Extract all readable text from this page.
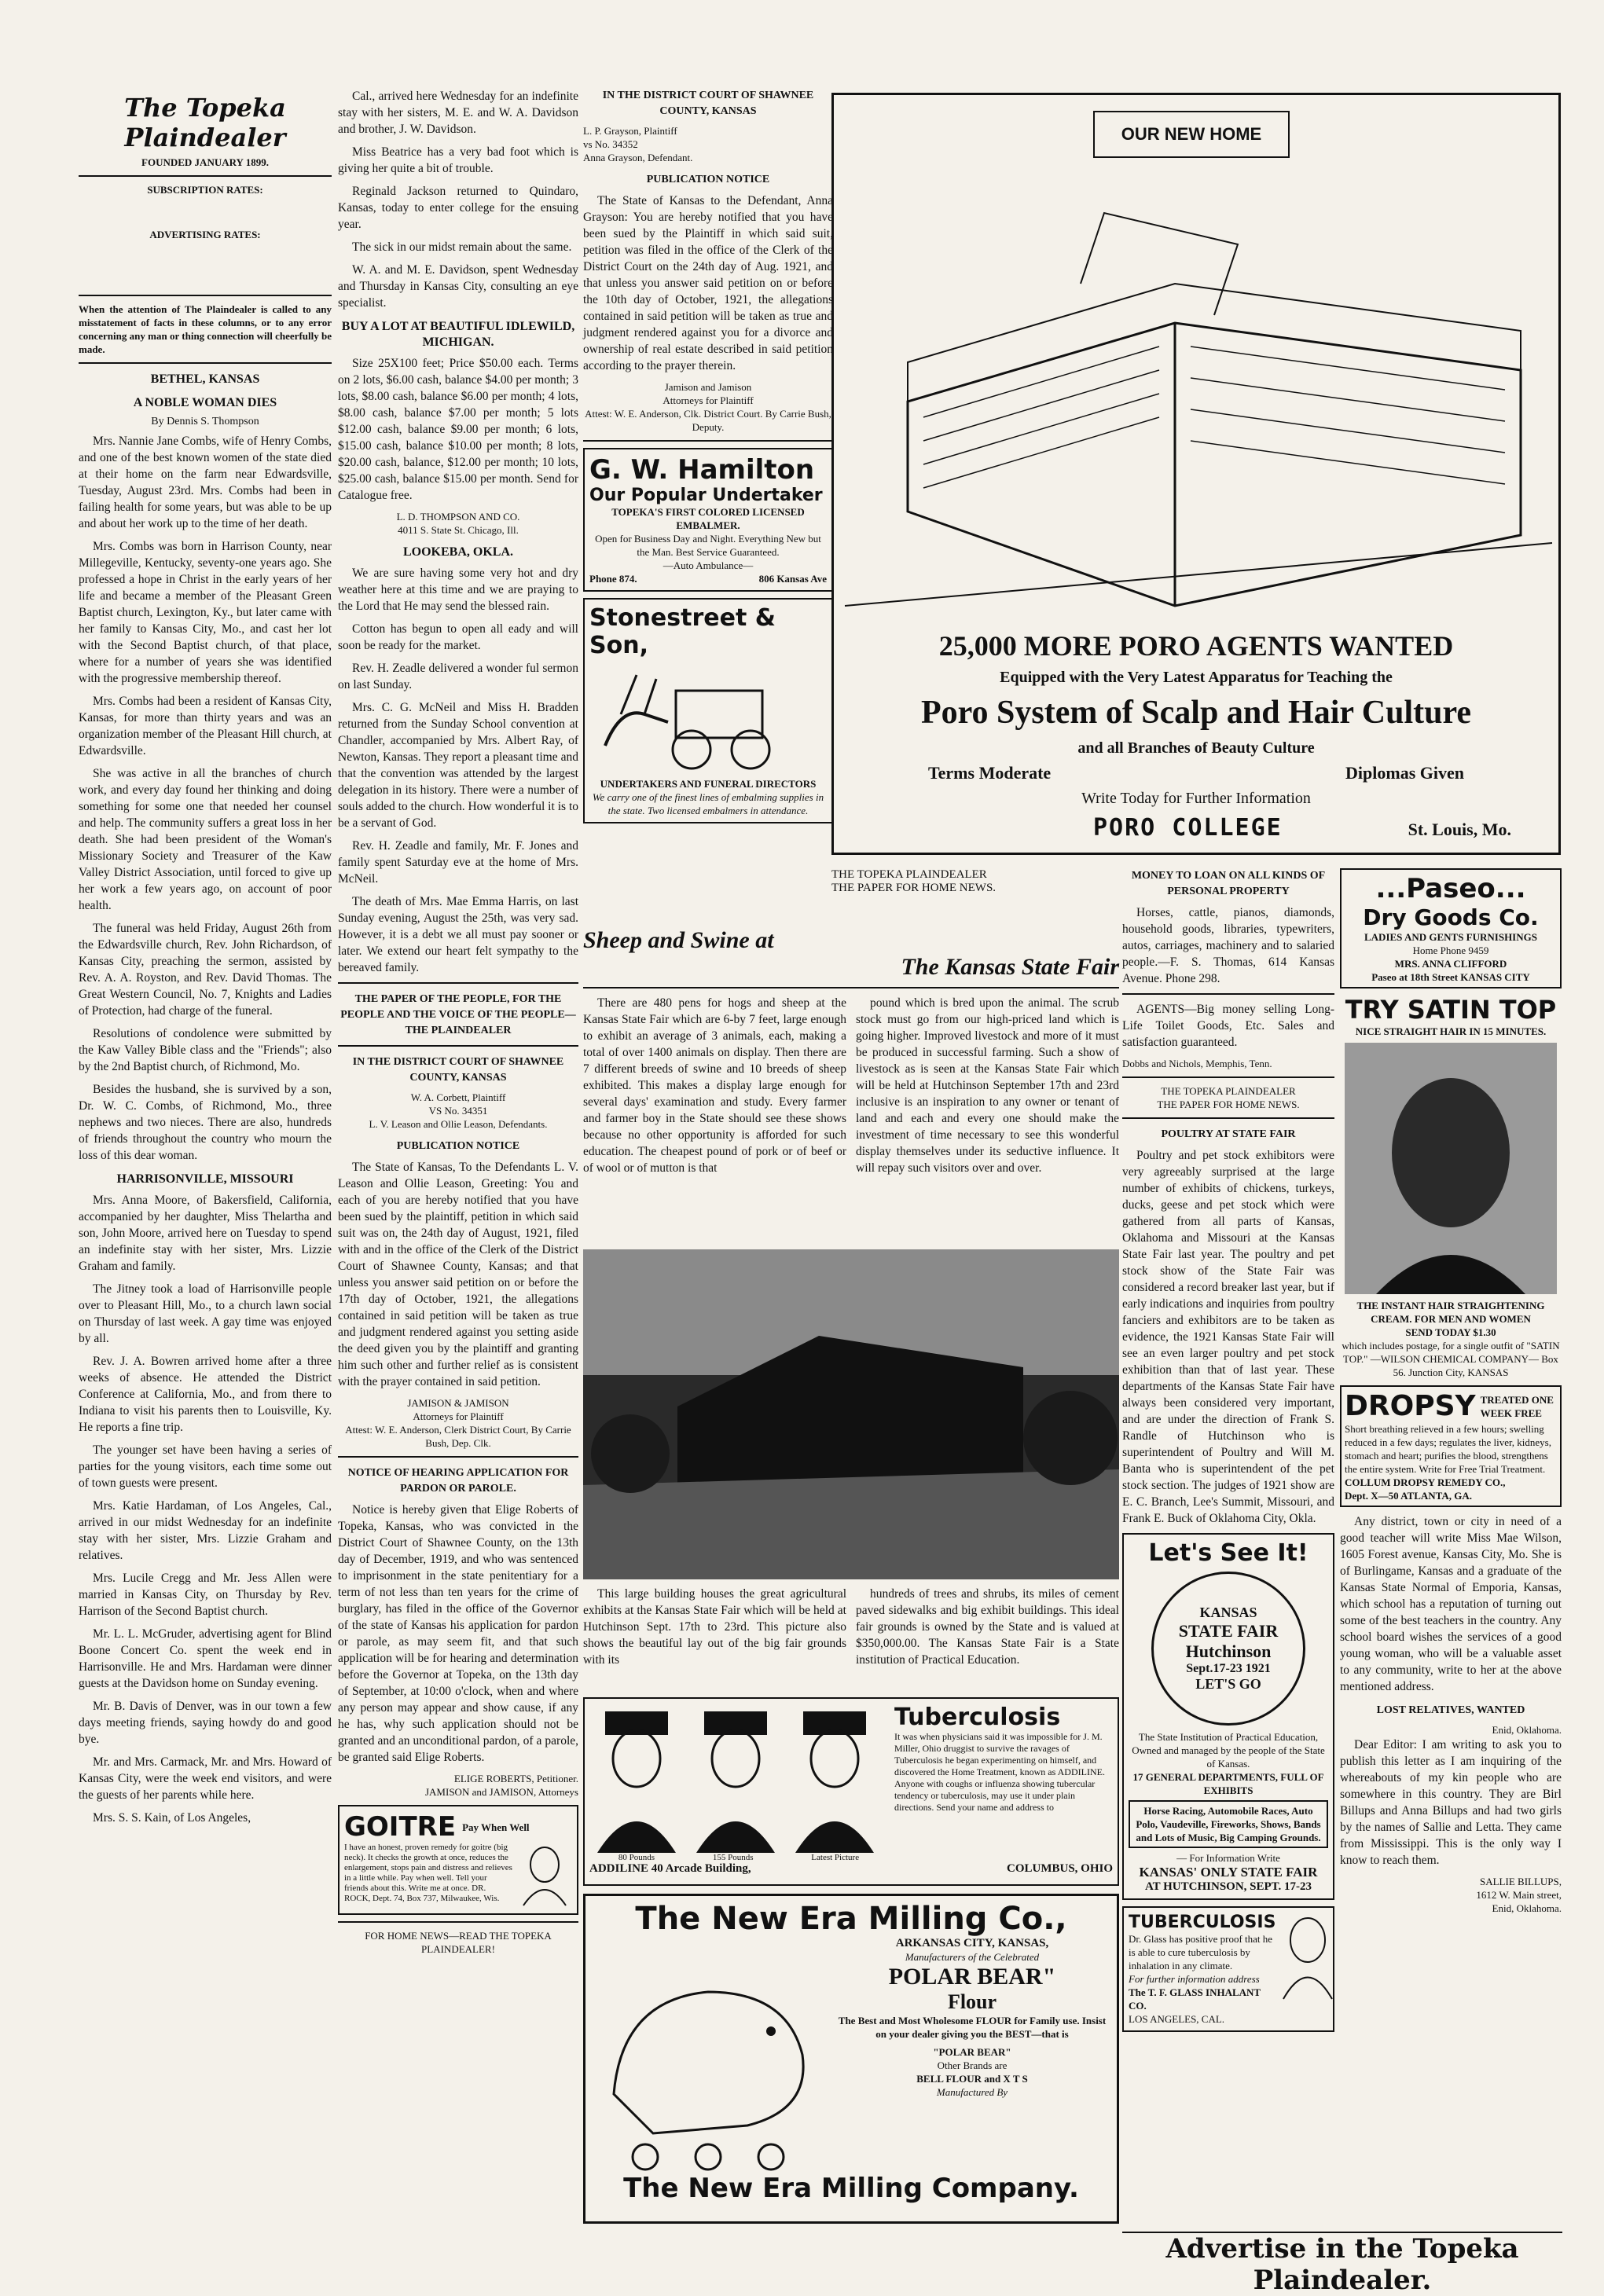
The Topeka Plaindealer
FOUNDED JANUARY 1899.
SUBSCRIPTION RATES:
ADVERTISING RATES:
When the attention of The Plaindealer is called to any misstatement of facts in these columns, or to any error concerning any man or thing connection will cheerfully be made.
BETHEL, KANSAS
A NOBLE WOMAN DIES
By Dennis S. Thompson

Mrs. Nannie Jane Combs, wife of Henry Combs, and one of the best known women of the state died at their home on the farm near Edwardsville, Tuesday, August 23rd. Mrs. Combs had been in failing health for some years, but was able to be up and about her work up to the time of her death.

Mrs. Combs was born in Harrison County, near Millegeville, Kentucky, seventy-one years ago. She professed a hope in Christ in the early years of her life and became a member of the Pleasant Green Baptist church, Lexington, Ky., but later came with her family to Kansas City, Mo., and cast her lot with the Second Baptist church, of that place, where for a number of years she was identified with the progressive membership thereof.

Mrs. Combs had been a resident of Kansas City, Kansas, for more than thirty years and was an organization member of the Pleasant Hill church, at Edwardsville.

She was active in all the branches of church work, and every day found her thinking and doing something for some one that needed her counsel and help. The community suffers a great loss in her death. She had been president of the Woman's Missionary Society and Treasurer of the Kaw Valley District Association, until forced to give up her work a few years ago, on account of poor health.

The funeral was held Friday, August 26th from the Edwardsville church, Rev. John Richardson, of Kansas City, preaching the sermon, assisted by Rev. A. A. Royston, and Rev. David Thomas. The Great Western Council, No. 7, Knights and Ladies of Protection, had charge of the funeral.

Resolutions of condolence were submitted by the Kaw Valley Bible class and the "Friends"; also by the 2nd Baptist church, of Richmond, Mo.

Besides the husband, she is survived by a son, Dr. W. C. Combs, of Richmond, Mo., three nephews and two nieces. There are also, hundreds of friends throughout the country who mourn the loss of this dear woman.

HARRISONVILLE, MISSOURI

Mrs. Anna Moore, of Bakersfield, California, accompanied by her daughter, Miss Thelartha and son, John Moore, arrived here on Tuesday to spend an indefinite stay with her sister, Mrs. Lizzie Graham and family.

The Jitney took a load of Harrisonville people over to Pleasant Hill, Mo., to a church lawn social on Thursday of last week. A gay time was enjoyed by all.

Rev. J. A. Bowren arrived home after a three weeks of absence. He attended the District Conference at California, Mo., and from there to Indiana to visit his parents then to Louisville, Ky. He reports a fine trip.

The younger set have been having a series of parties for the young visitors, each time some out of town guests were present.

Mrs. Katie Hardaman, of Los Angeles, Cal., arrived in our midst Wednesday for an indefinite stay with her sister, Mrs. Lizzie Graham and relatives.

Mrs. Lucile Cregg and Mr. Jess Allen were married in Kansas City, on Thursday by Rev. Harrison of the Second Baptist church.

Mr. L. L. McGruder, advertising agent for Blind Boone Concert Co. spent the week end in Harrisonville. He and Mrs. Hardaman were dinner guests at the Davidson home on Sunday evening.

Mr. B. Davis of Denver, was in our town a few days meeting friends, saying howdy do and good bye.

Mr. and Mrs. Carmack, Mr. and Mrs. Howard of Kansas City, were the week end visitors, and were the guests of her parents while here.

Mrs. S. S. Kain, of Los Angeles,

Cal., arrived here Wednesday for an indefinite stay with her sisters, M. E. and W. A. Davidson and brother, J. W. Davidson.

Miss Beatrice has a very bad foot which is giving her quite a bit of trouble.

Reginald Jackson returned to Quindaro, Kansas, today to enter college for the ensuing year.

The sick in our midst remain about the same.

W. A. and M. E. Davidson, spent Wednesday and Thursday in Kansas City, consulting an eye specialist.

BUY A LOT AT BEAUTIFUL IDLEWILD, MICHIGAN.

Size 25X100 feet; Price $50.00 each. Terms on 2 lots, $6.00 cash, balance $4.00 per month; 3 lots, $8.00 cash, balance $6.00 per month; 4 lots, $8.00 cash, balance $7.00 per month; 5 lots $12.00 cash, balance $9.00 per month; 6 lots, $15.00 cash, balance $10.00 per month; 8 lots, $20.00 cash, balance, $12.00 per month; 10 lots, $25.00 cash, balance $15.00 per month. Send for Catalogue free.

L. D. THOMPSON AND CO.
4011 S. State St. Chicago, Ill.
LOOKEBA, OKLA.

We are sure having some very hot and dry weather here at this time and we are praying to the Lord that He may send the blessed rain.

Cotton has begun to open all eady and will soon be ready for the market.

Rev. H. Zeadle delivered a wonder ful sermon on last Sunday.

Mrs. C. G. McNeil and Miss H. Bradden returned from the Sunday School convention at Chandler, accompanied by Mrs. Albert Ray, of Newton, Kansas. They report a pleasant time and that the convention was attended by the largest delegation in its history. There were a number of souls added to the church. How wonderful it is to be a servant of God.

Rev. H. Zeadle and family, Mr. F. Jones and family spent Saturday eve at the home of Mrs. McNeil.

The death of Mrs. Mae Emma Harris, on last Sunday evening, August the 25th, was very sad. However, it is a debt we all must pay sooner or later. We extend our heart felt sympathy to the bereaved family.

THE PAPER OF THE PEOPLE, FOR THE PEOPLE AND THE VOICE OF THE PEOPLE—THE PLAINDEALER
IN THE DISTRICT COURT OF SHAWNEE COUNTY, KANSAS
W. A. Corbett, Plaintiff
VS No. 34351
L. V. Leason and Ollie Leason, Defendants.
PUBLICATION NOTICE

The State of Kansas, To the Defendants L. V. Leason and Ollie Leason, Greeting: You and each of you are hereby notified that you have been sued by the plaintiff, petition in which said suit was on, the 24th day of August, 1921, filed with and in the office of the Clerk of the District Court of Shawnee County, Kansas; and that unless you answer said petition on or before the 17th day of October, 1921, the allegations contained in said petition will be taken as true and judgment rendered against you setting aside the deed given you by the plaintiff and granting him such other and further relief as is consistent with the prayer contained in said petition.

JAMISON & JAMISON
Attorneys for Plaintiff
Attest: W. E. Anderson, Clerk District Court, By Carrie Bush, Dep. Clk.
NOTICE OF HEARING APPLICATION FOR PARDON OR PAROLE.

Notice is hereby given that Elige Roberts of Topeka, Kansas, who was convicted in the District Court of Shawnee County, on the 13th day of December, 1919, and who was sentenced to imprisonment in the state penitentiary for a term of not less than ten years for the crime of burglary, has filed in the office of the Governor of the state of Kansas his application for pardon or parole, as may seem fit, and that such application will be for hearing and determination before the Governor at Topeka, on the 13th day of September, at 10:00 o'clock, when and where any person may appear and show cause, if any he has, why such application should not be granted and an unconditional pardon, of a parole, be granted said Elige Roberts.

ELIGE ROBERTS, Petitioner.
JAMISON and JAMISON, Attorneys
GOITRE Pay When Well
I have an honest, proven remedy for goitre (big neck). It checks the growth at once, reduces the enlargement, stops pain and distress and relieves in a little while. Pay when well. Tell your friends about this. Write me at once. DR. ROCK, Dept. 74, Box 737, Milwaukee, Wis.
FOR HOME NEWS—READ THE TOPEKA PLAINDEALER!
IN THE DISTRICT COURT OF SHAWNEE COUNTY, KANSAS
L. P. Grayson, Plaintiff
vs No. 34352
Anna Grayson, Defendant.
PUBLICATION NOTICE

The State of Kansas to the Defendant, Anna Grayson: You are hereby notified that you have been sued by the Plaintiff in which said suit, petition was filed in the office of the Clerk of the District Court on the 24th day of Aug. 1921, and that unless you answer said petition on or before the 10th day of October, 1921, the allegations contained in said petition will be taken as true and judgment rendered against you for a divorce and ownership of real estate described in said petition according to the prayer therein.

Jamison and Jamison
Attorneys for Plaintiff
Attest: W. E. Anderson, Clk. District Court. By Carrie Bush, Deputy.
G. W. Hamilton
Our Popular Undertaker
TOPEKA'S FIRST COLORED LICENSED EMBALMER.
Open for Business Day and Night. Everything New but the Man. Best Service Guaranteed.
—Auto Ambulance—
Phone 874.	806 Kansas Ave
Stonestreet & Son,
UNDERTAKERS AND FUNERAL DIRECTORS
We carry one of the finest lines of embalming supplies in the state. Two licensed embalmers in attendance.
OUR NEW HOME
25,000 MORE PORO AGENTS WANTED
Equipped with the Very Latest Apparatus for Teaching the
Poro System of Scalp and Hair Culture
and all Branches of Beauty Culture
Terms Moderate	Diplomas Given
Write Today for Further Information
PORO COLLEGE	St. Louis, Mo.
THE TOPEKA PLAINDEALER
THE PAPER FOR HOME NEWS.
Sheep and Swine at
The Kansas State Fair

There are 480 pens for hogs and sheep at the Kansas State Fair which are 6-by 7 feet, large enough to exhibit an average of 3 animals, each, making a total of over 1400 animals on display. Then there are 7 different breeds of swine and 10 breeds of sheep exhibited. This makes a display large enough for several days' examination and study. Every farmer and farmer boy in the State should see these shows because no other opportunity is afforded for such education. The cheapest pound of pork or of beef or of wool or of mutton is that

pound which is bred upon the animal. The scrub stock must go from our high-priced land which is going higher. Improved livestock and more of it must be produced in successful farming. Such a show of livestock as is seen at the Kansas State Fair which will be held at Hutchinson September 17th and 23rd inclusive is an inspiration to any owner or tenant of land and each and every one should make the investment of time necessary to see this wonderful display themselves under its seductive influence. It will repay such visitors over and over.

This large building houses the great agricultural exhibits at the Kansas State Fair which will be held at Hutchinson Sept. 17th to 23rd. This picture also shows the beautiful lay out of the big fair grounds with its

hundreds of trees and shrubs, its miles of cement paved sidewalks and big exhibit buildings. This ideal fair grounds is owned by the State and is valued at $350,000.00. The Kansas State Fair is a State institution of Practical Education.

Tuberculosis
It was when physicians said it was impossible for J. M. Miller, Ohio druggist to survive the ravages of Tuberculosis he began experimenting on himself, and discovered the Home Treatment, known as ADDILINE. Anyone with coughs or influenza showing tubercular tendency or tuberculosis, may use it under plain directions. Send your name and address to
80 Pounds	155 Pounds	Latest Picture
ADDILINE 40 Arcade Building,	COLUMBUS, OHIO
The New Era Milling Co.,
ARKANSAS CITY, KANSAS,
Manufacturers of the Celebrated
POLAR BEAR"
Flour
The Best and Most Wholesome FLOUR for Family use. Insist on your dealer giving you the BEST—that is
"POLAR BEAR"
Other Brands are
BELL FLOUR and X T S
Manufactured By
The New Era Milling Company.
MONEY TO LOAN ON ALL KINDS OF PERSONAL PROPERTY

Horses, cattle, pianos, diamonds, household goods, libraries, typewriters, autos, carriages, machinery and to salaried people.—F. S. Thomas, 614 Kansas Avenue. Phone 298.

AGENTS—Big money selling Long-Life Toilet Goods, Etc. Sales and satisfaction guaranteed.

Dobbs and Nichols, Memphis, Tenn.
THE TOPEKA PLAINDEALER
THE PAPER FOR HOME NEWS.
POULTRY AT STATE FAIR

Poultry and pet stock exhibitors were very agreeably surprised at the large number of exhibits of chickens, turkeys, ducks, geese and pet stock which were gathered from all parts of Kansas, Oklahoma and Missouri at the Kansas State Fair last year. The poultry and pet stock show of the State Fair was considered a record breaker last year, but if early indications and inquiries from poultry fanciers and exhibitors are to be taken as evidence, the 1921 Kansas State Fair will see an even larger poultry and pet stock exhibition than that of last year. These departments of the Kansas State Fair have always been considered very important, and are under the direction of Frank S. Randle of Hutchinson who is superintendent of Poultry and Will M. Banta who is superintendent of the pet stock section. The judges of 1921 show are E. C. Branch, Lee's Summit, Missouri, and Frank E. Buck of Oklahoma City, Okla.

Let's See It!
KANSAS
STATE FAIR
Hutchinson
Sept.17-23 1921
LET'S GO
The State Institution of Practical Education, Owned and managed by the people of the State of Kansas.
17 GENERAL DEPARTMENTS, FULL OF EXHIBITS
Horse Racing, Automobile Races, Auto Polo, Vaudeville, Fireworks, Shows, Bands and Lots of Music, Big Camping Grounds.
— For Information Write
KANSAS' ONLY STATE FAIR
AT HUTCHINSON, SEPT. 17-23
TUBERCULOSIS
Dr. Glass has positive proof that he is able to cure tuberculosis by inhalation in any climate.
For further information address
The T. F. GLASS INHALANT CO.
LOS ANGELES, CAL.
...Paseo...
Dry Goods Co.
LADIES AND GENTS FURNISHINGS
Home Phone 9459
MRS. ANNA CLIFFORD
Paseo at 18th Street KANSAS CITY
TRY SATIN TOP
NICE STRAIGHT HAIR IN 15 MINUTES.
THE INSTANT HAIR STRAIGHTENING CREAM. FOR MEN AND WOMEN
SEND TODAY $1.30
which includes postage, for a single outfit of "SATIN TOP." —WILSON CHEMICAL COMPANY— Box 56. Junction City, KANSAS
DROPSY TREATED ONE WEEK FREE
Short breathing relieved in a few hours; swelling reduced in a few days; regulates the liver, kidneys, stomach and heart; purifies the blood, strengthens the entire system. Write for Free Trial Treatment.
COLLUM DROPSY REMEDY CO.,
Dept. X—50 ATLANTA, GA.

Any district, town or city in need of a good teacher will write Miss Mae Wilson, 1605 Forest avenue, Kansas City, Mo. She is of Burlingame, Kansas and a graduate of the Kansas State Normal of Emporia, Kansas, which school has a reputation of turning out some of the best teachers in the country. Any school board wishes the services of a good young woman, who will be a valuable asset to any community, write to her at the above mentioned address.

LOST RELATIVES, WANTED
Enid, Oklahoma.

Dear Editor: I am writing to ask you to publish this letter as I am inquiring of the whereabouts of my kin people who are somewhere in this country. They are Birl Billups and Anna Billups and had two girls by the names of Sallie and Letta. They came from Mississippi. This is the only way I know to reach them.

SALLIE BILLUPS,
1612 W. Main street,
Enid, Oklahoma.
Advertise in the Topeka Plaindealer.
